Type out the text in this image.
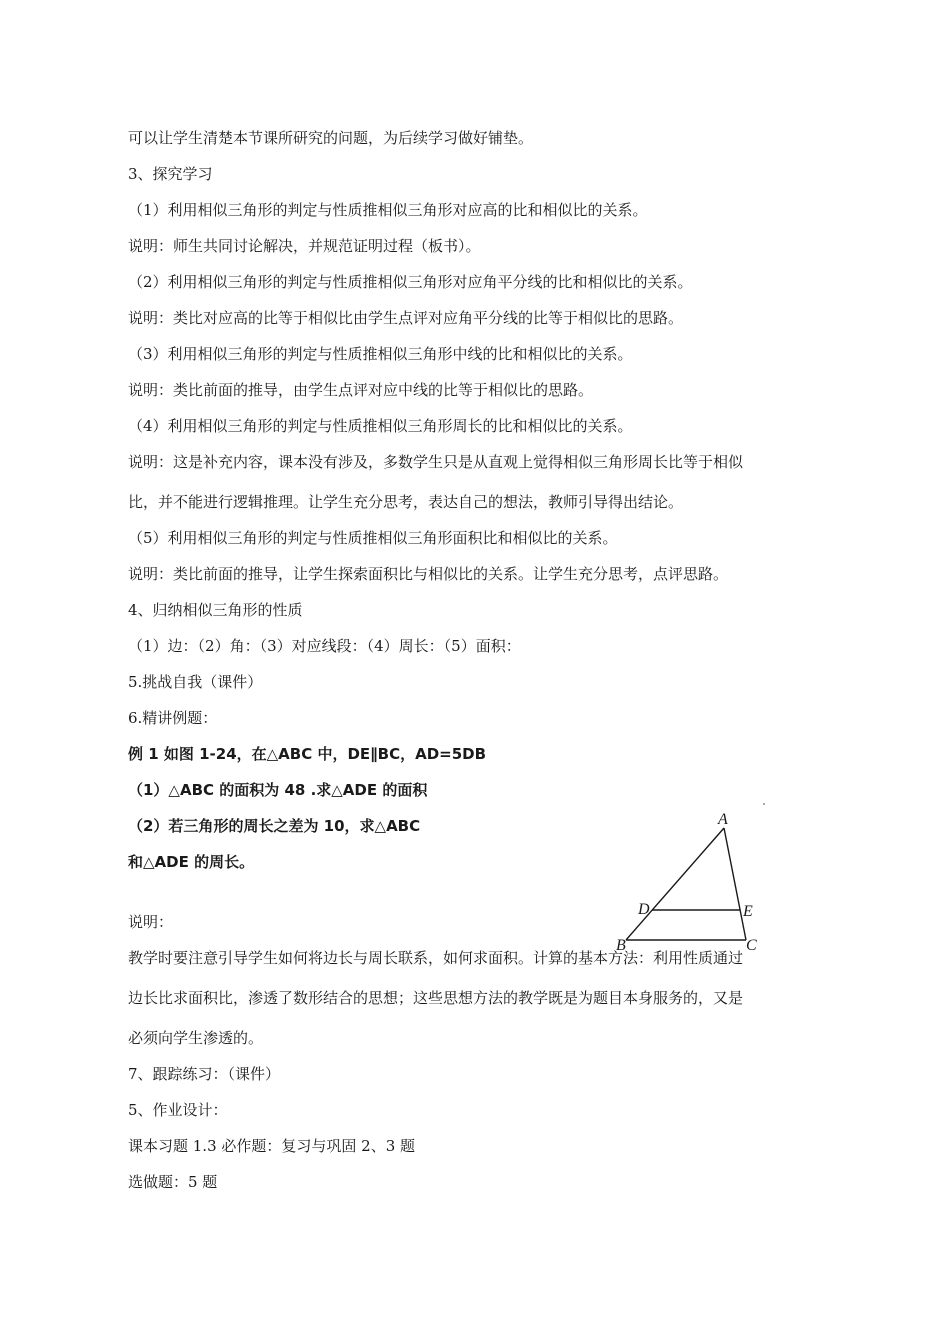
可以让学生清楚本节课所研究的问题，为后续学习做好铺垫。
3、探究学习
（1）利用相似三角形的判定与性质推相似三角形对应高的比和相似比的关系。
说明：师生共同讨论解决，并规范证明过程（板书）。
（2）利用相似三角形的判定与性质推相似三角形对应角平分线的比和相似比的关系。
说明：类比对应高的比等于相似比由学生点评对应角平分线的比等于相似比的思路。
（3）利用相似三角形的判定与性质推相似三角形中线的比和相似比的关系。
说明：类比前面的推导，由学生点评对应中线的比等于相似比的思路。
（4）利用相似三角形的判定与性质推相似三角形周长的比和相似比的关系。
说明：这是补充内容，课本没有涉及，多数学生只是从直观上觉得相似三角形周长比等于相似
比，并不能进行逻辑推理。让学生充分思考，表达自己的想法，教师引导得出结论。
（5）利用相似三角形的判定与性质推相似三角形面积比和相似比的关系。
说明：类比前面的推导，让学生探索面积比与相似比的关系。让学生充分思考，点评思路。
4、归纳相似三角形的性质
（1）边：（2）角：（3）对应线段：（4）周长：（5）面积：
5.挑战自我（课件）
6.精讲例题：
例 1 如图 1-24，在△ABC 中，DE∥BC，AD=5DB
（1）△ABC 的面积为 48 .求△ADE 的面积
（2）若三角形的周长之差为 10，求△ABC
和△ADE 的周长。
说明：
教学时要注意引导学生如何将边长与周长联系，如何求面积。计算的基本方法：利用性质通过
边长比求面积比，渗透了数形结合的思想；这些思想方法的教学既是为题目本身服务的，又是
必须向学生渗透的。
7、跟踪练习：（课件）
5、作业设计：
课本习题 1.3 必作题：复习与巩固 2、3 题
选做题：5 题
A
B	C
D	E
